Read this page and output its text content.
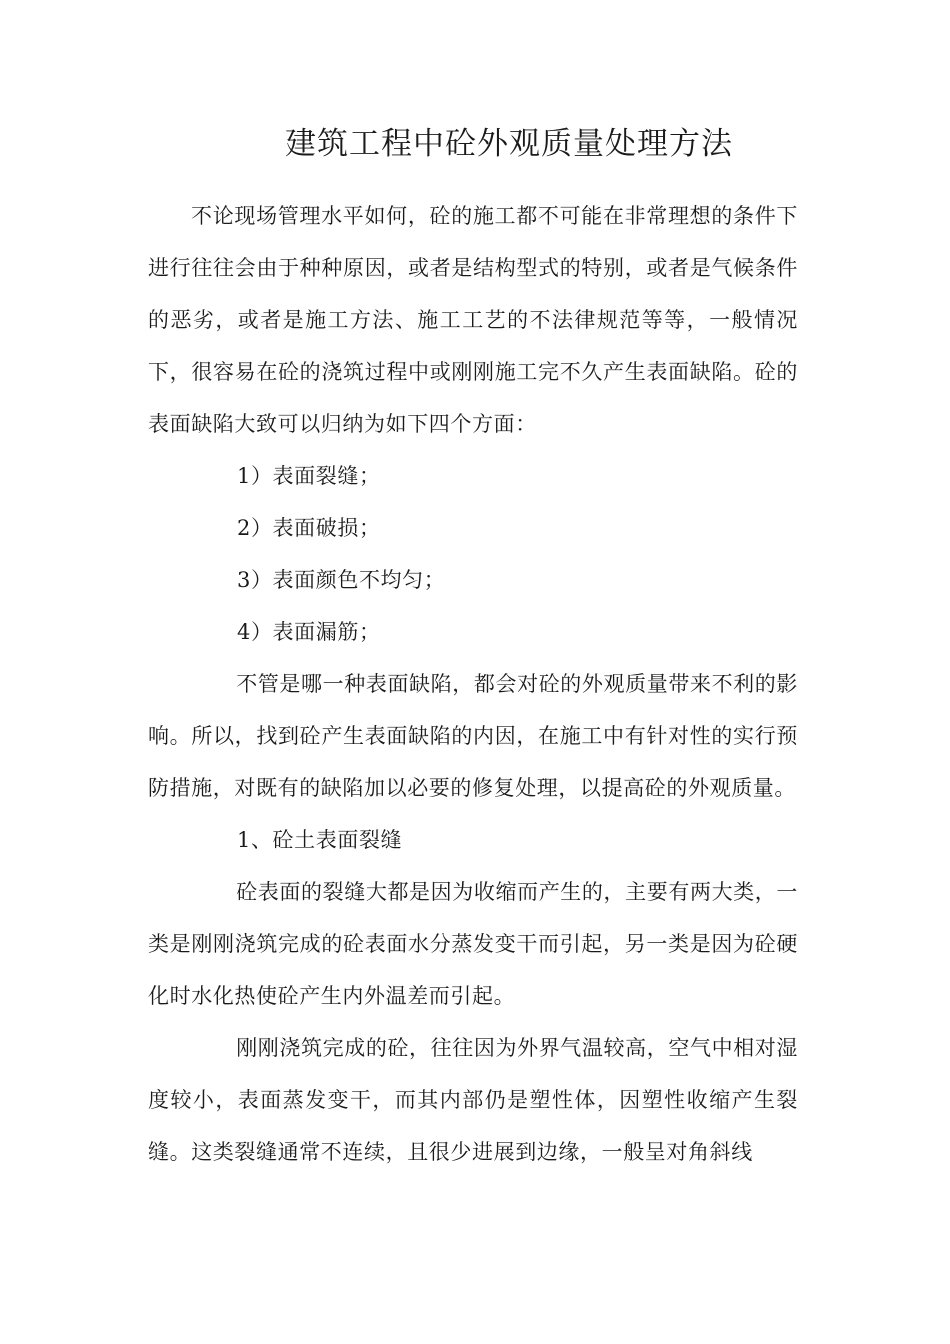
建筑工程中砼外观质量处理方法

不论现场管理水平如何，砼的施工都不可能在非常理想的条件下进行往往会由于种种原因，或者是结构型式的特别，或者是气候条件的恶劣，或者是施工方法、施工工艺的不法律规范等等，一般情况下，很容易在砼的浇筑过程中或刚刚施工完不久产生表面缺陷。砼的表面缺陷大致可以归纳为如下四个方面：

1）表面裂缝；

2）表面破损；

3）表面颜色不均匀；

4）表面漏筋；

不管是哪一种表面缺陷，都会对砼的外观质量带来不利的影响。所以，找到砼产生表面缺陷的内因，在施工中有针对性的实行预防措施，对既有的缺陷加以必要的修复处理，以提高砼的外观质量。

1、砼土表面裂缝

砼表面的裂缝大都是因为收缩而产生的，主要有两大类，一类是刚刚浇筑完成的砼表面水分蒸发变干而引起，另一类是因为砼硬化时水化热使砼产生内外温差而引起。

刚刚浇筑完成的砼，往往因为外界气温较高，空气中相对湿度较小，表面蒸发变干，而其内部仍是塑性体，因塑性收缩产生裂缝。这类裂缝通常不连续，且很少进展到边缘，一般呈对角斜线
